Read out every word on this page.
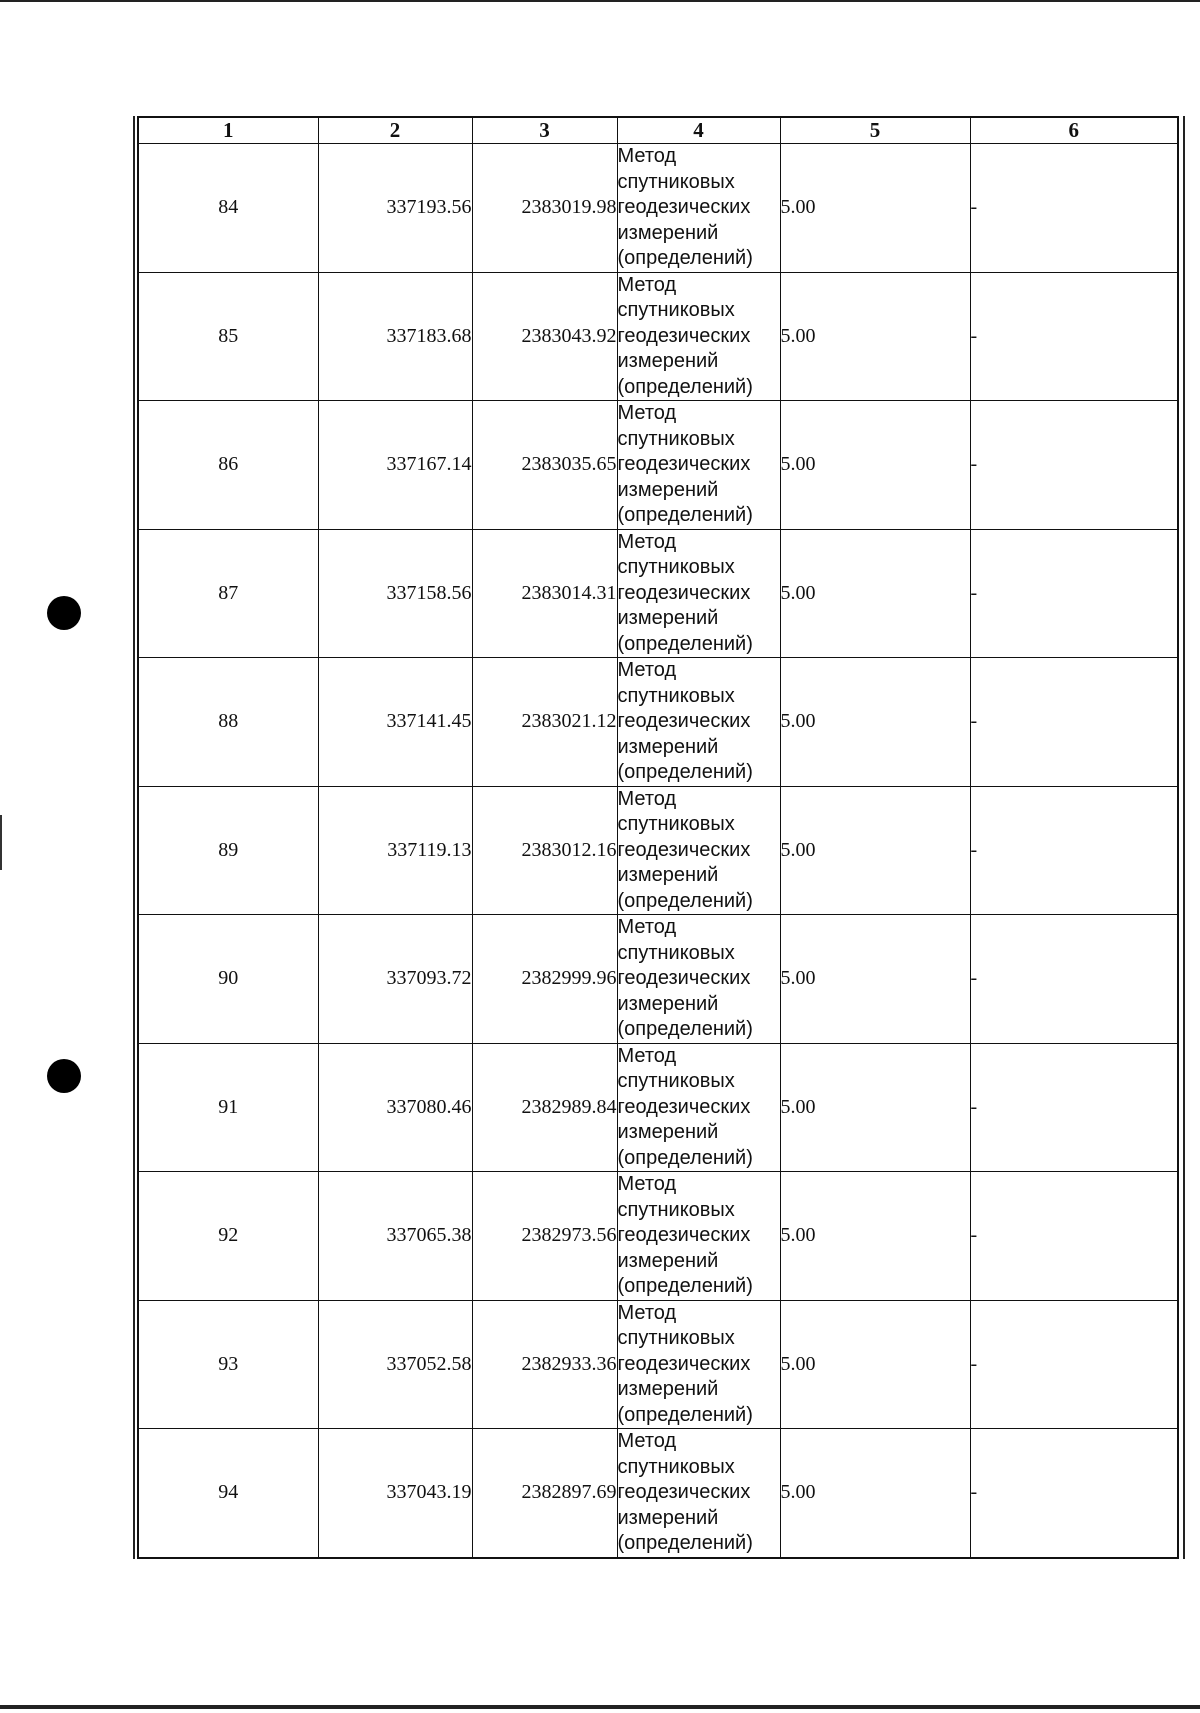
1	2	3	4	5	6
84	337193.56	2383019.98	Метод
спутниковых
геодезических
измерений
(определений)	5.00	-
85	337183.68	2383043.92	Метод
спутниковых
геодезических
измерений
(определений)	5.00	-
86	337167.14	2383035.65	Метод
спутниковых
геодезических
измерений
(определений)	5.00	-
87	337158.56	2383014.31	Метод
спутниковых
геодезических
измерений
(определений)	5.00	-
88	337141.45	2383021.12	Метод
спутниковых
геодезических
измерений
(определений)	5.00	-
89	337119.13	2383012.16	Метод
спутниковых
геодезических
измерений
(определений)	5.00	-
90	337093.72	2382999.96	Метод
спутниковых
геодезических
измерений
(определений)	5.00	-
91	337080.46	2382989.84	Метод
спутниковых
геодезических
измерений
(определений)	5.00	-
92	337065.38	2382973.56	Метод
спутниковых
геодезических
измерений
(определений)	5.00	-
93	337052.58	2382933.36	Метод
спутниковых
геодезических
измерений
(определений)	5.00	-
94	337043.19	2382897.69	Метод
спутниковых
геодезических
измерений
(определений)	5.00	-
